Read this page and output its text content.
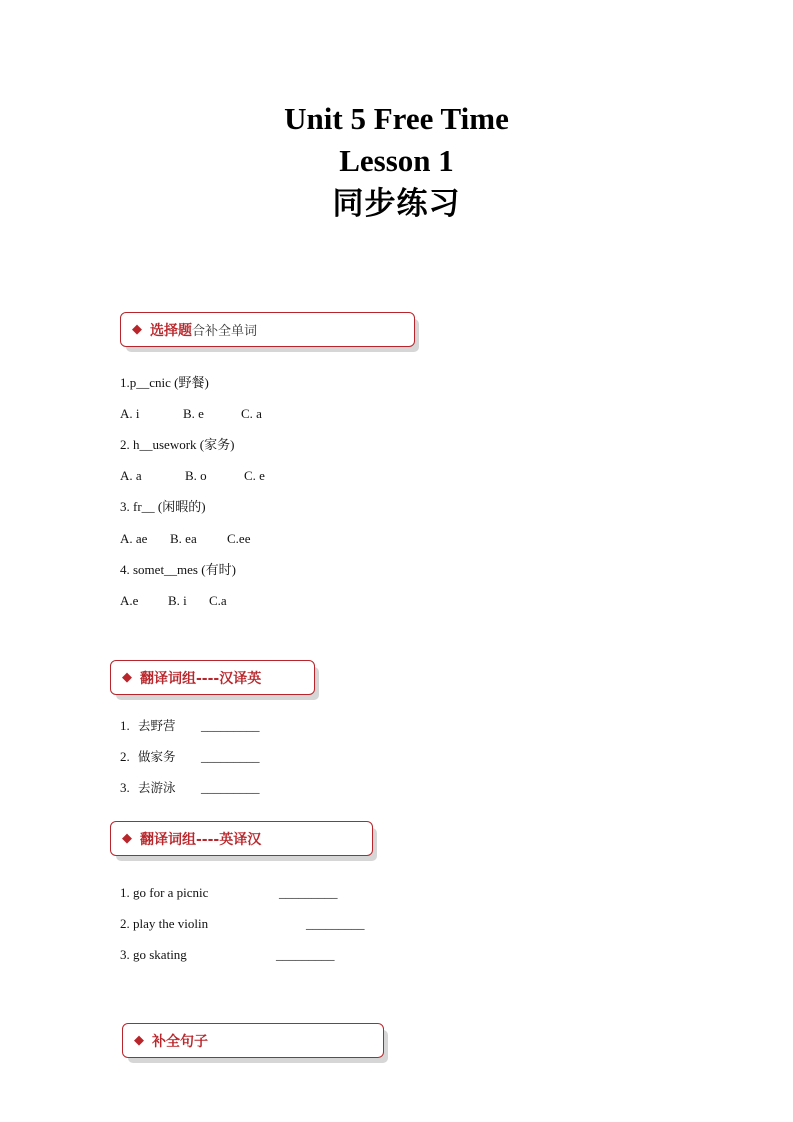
Unit 5 Free Time
Lesson 1
同步练习
◆ 选择题 合补全单词
1.p__cnic (野餐)
A. i	B. e	C. a
2. h__usework (家务)
A. a	B. o	C. e
3. fr__ (闲暇的)
A. ae B. ea C.ee
4. somet__mes (有时)
A.e B. i C.a
◆ 翻译词组----汉译英
1. 去野营 _________
2. 做家务 _________
3. 去游泳 _________
◆ 翻译词组----英译汉
1. go for a picnic	_________
2. play the violin	_________
3. go skating	_________
◆ 补全句子
